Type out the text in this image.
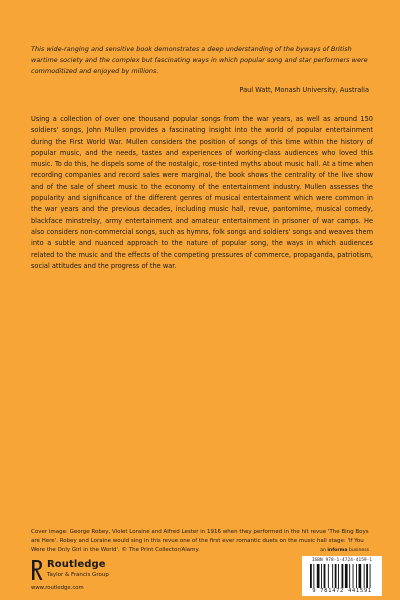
This wide-ranging and sensitive book demonstrates a deep understanding of the byways of British wartime society and the complex but fascinating ways in which popular song and star performers were commoditized and enjoyed by millions.
Paul Watt, Monash University, Australia
Using a collection of over one thousand popular songs from the war years, as well as around 150 soldiers' songs, John Mullen provides a fascinating insight into the world of popular entertainment during the First World War. Mullen considers the position of songs of this time within the history of popular music, and the needs, tastes and experiences of working-class audiences who loved this music. To do this, he dispels some of the nostalgic, rose-tinted myths about music hall. At a time when recording companies and record sales were marginal, the book shows the centrality of the live show and of the sale of sheet music to the economy of the entertainment industry. Mullen assesses the popularity and significance of the different genres of musical entertainment which were common in the war years and the previous decades, including music hall, revue, pantomime, musical comedy, blackface minstrelsy, army entertainment and amateur entertainment in prisoner of war camps. He also considers non-commercial songs, such as hymns, folk songs and soldiers' songs and weaves them into a subtle and nuanced approach to the nature of popular song, the ways in which audiences related to the music and the effects of the competing pressures of commerce, propaganda, patriotism, social attitudes and the progress of the war.
Cover image: George Robey, Violet Loraine and Alfred Lester in 1916 when they performed in the hit revue 'The Bing Boys are Here'. Robey and Loraine would sing in this revue one of the first ever romantic duets on the music hall stage: 'If You Were the Only Girl in the World'. © The Print Collector/Alamy.
Routledge
Taylor & Francis Group
www.routledge.com
an informa business
ISBN 978-1-4724-4159-1
9 781472 441591
